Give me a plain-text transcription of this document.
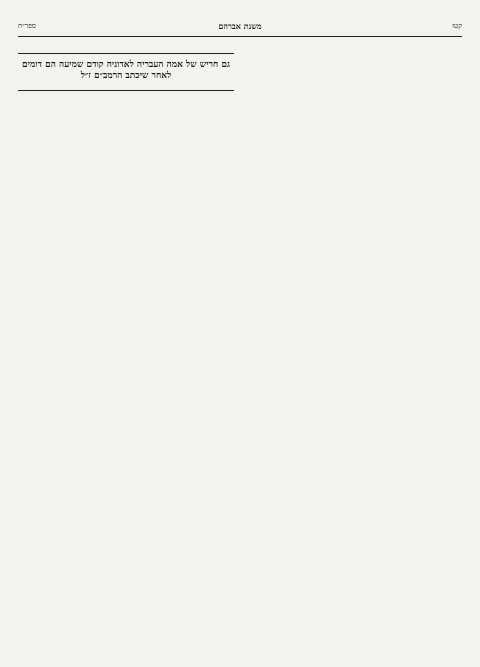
קטז
משנת אברהם
ספר״ח

גם חריש של אמה העבריה לאדוניה קודם שמיעה הם דומים לאחר שיכתב הרמב״ם ז״ל
